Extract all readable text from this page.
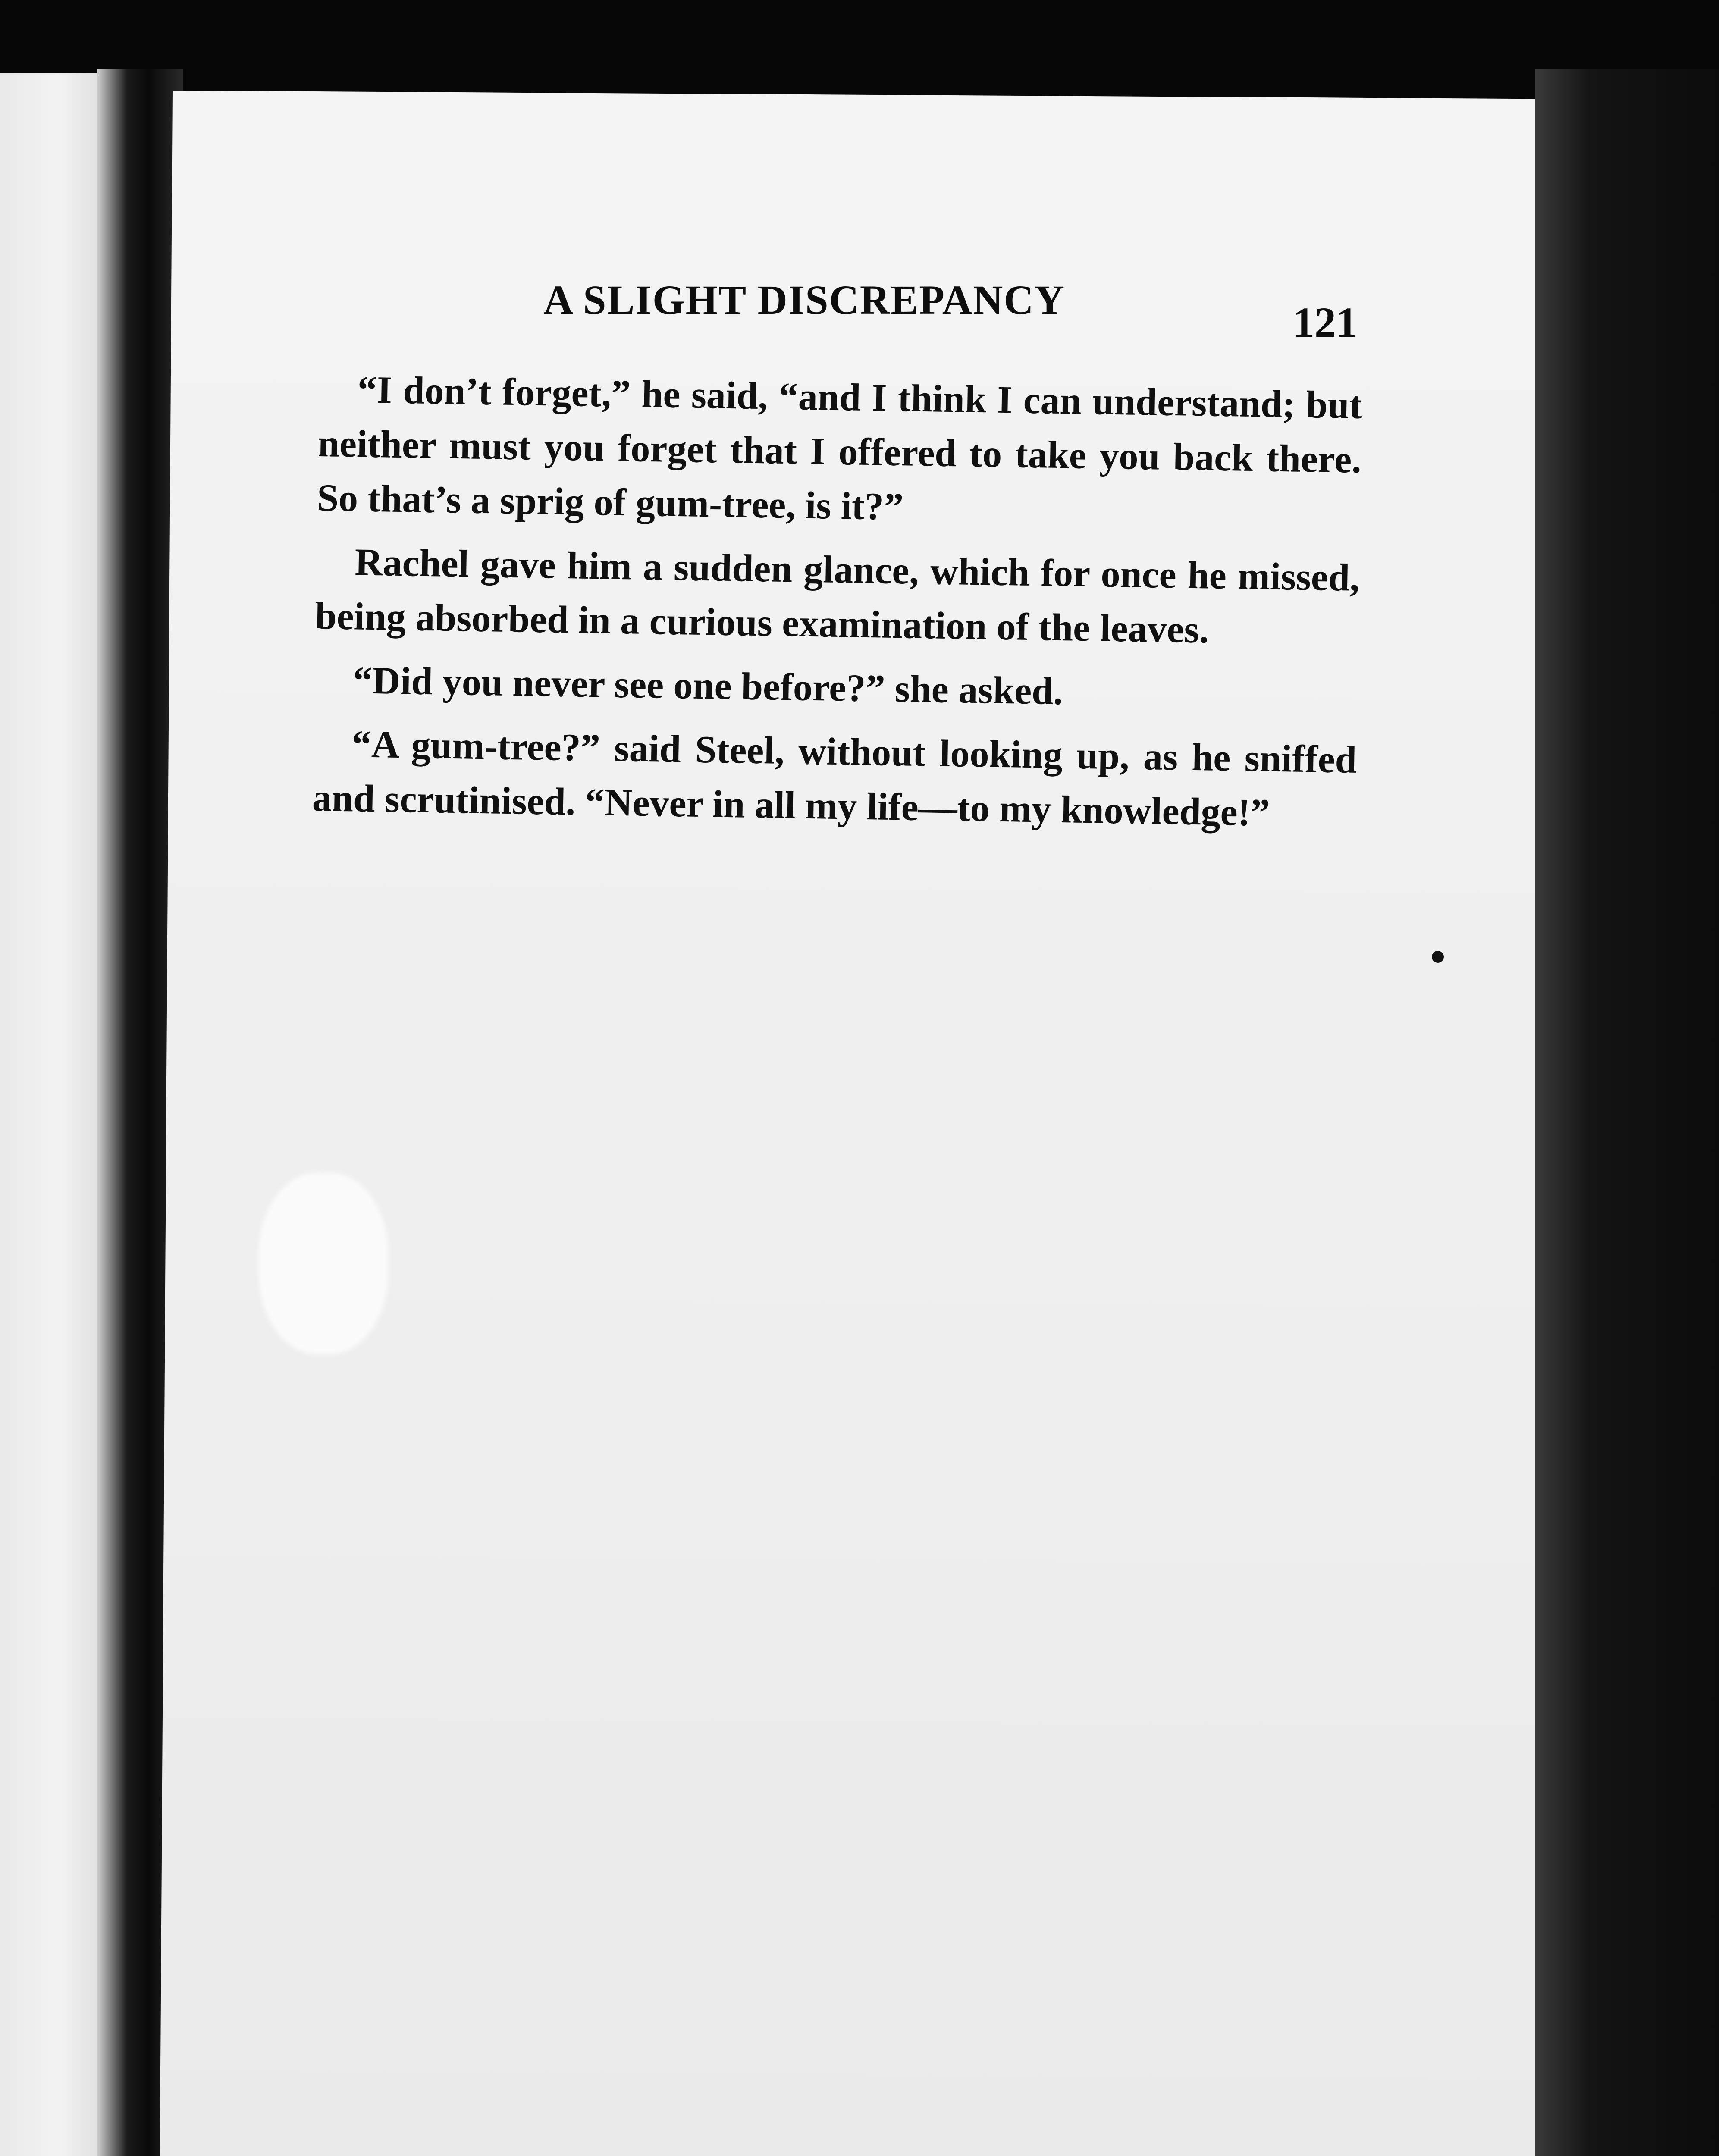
A SLIGHT DISCREPANCY	121

“I don’t forget,” he said, “and I think I can understand; but neither must you forget that I offered to take you back there. So that’s a sprig of gum-tree, is it?”

Rachel gave him a sudden glance, which for once he missed, being absorbed in a curious examination of the leaves.

“Did you never see one before?” she asked.

“A gum-tree?” said Steel, without looking up, as he sniffed and scrutinised. “Never in all my life—to my knowledge!”
